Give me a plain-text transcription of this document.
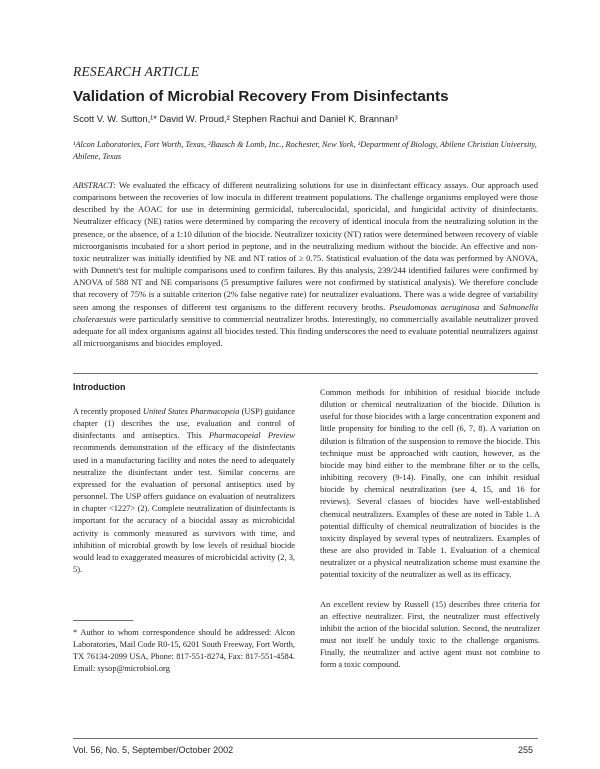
RESEARCH ARTICLE
Validation of Microbial Recovery From Disinfectants
Scott V. W. Sutton,¹* David W. Proud,² Stephen Rachui and Daniel K. Brannan³
¹Alcon Laboratories, Fort Worth, Texas, ²Bausch & Lomb, Inc., Rochester, New York, ³Department of Biology, Abilene Christian University, Abilene, Texas
ABSTRACT: We evaluated the efficacy of different neutralizing solutions for use in disinfectant efficacy assays. Our approach used comparisons between the recoveries of low inocula in different treatment populations. The challenge organisms employed were those described by the AOAC for use in determining germicidal, tuberculocidal, sporicidal, and fungicidal activity of disinfectants. Neutralizer efficacy (NE) ratios were determined by comparing the recovery of identical inocula from the neutralizing solution in the presence, or the absence, of a 1:10 dilution of the biocide. Neutralizer toxicity (NT) ratios were determined between recovery of viable microorganisms incubated for a short period in peptone, and in the neutralizing medium without the biocide. An effective and non-toxic neutralizer was initially identified by NE and NT ratios of ≥ 0.75. Statistical evaluation of the data was performed by ANOVA, with Dunnett's test for multiple comparisons used to confirm failures. By this analysis, 239/244 identified failures were confirmed by ANOVA of 588 NT and NE comparisons (5 presumptive failures were not confirmed by statistical analysis). We therefore conclude that recovery of 75% is a suitable criterion (2% false negative rate) for neutralizer evaluations. There was a wide degree of variability seen among the responses of different test organisms to the different recovery broths. Pseudomonas aeruginosa and Salmonella choleraesuis were particularly sensitive to commercial neutralizer broths. Interestingly, no commercially available neutralizer proved adequate for all index organisms against all biocides tested. This finding underscores the need to evaluate potential neutralizers against all microorganisms and biocides employed.
Introduction

A recently proposed United States Pharmacopeia (USP) guidance chapter (1) describes the use, evaluation and control of disinfectants and antiseptics. This Pharmacopeial Preview recommends demonstration of the efficacy of the disinfectants used in a manufacturing facility and notes the need to adequately neutralize the disinfectant under test. Similar concerns are expressed for the evaluation of personal antiseptics used by personnel. The USP offers guidance on evaluation of neutralizers in chapter <1227> (2). Complete neutralization of disinfectants is important for the accuracy of a biocidal assay as microbicidal activity is commonly measured as survivors with time, and inhibition of microbial growth by low levels of residual biocide would lead to exaggerated measures of microbicidal activity (2, 3, 5).

* Author to whom correspondence should be addressed: Alcon Laboratories, Mail Code R0-15, 6201 South Freeway, Fort Worth, TX 76134-2099 USA, Phone: 817-551-8274, Fax: 817-551-4584. Email: sysop@microbiol.org

Common methods for inhibition of residual biocide include dilution or chemical neutralization of the biocide. Dilution is useful for those biocides with a large concentration exponent and little propensity for binding to the cell (6, 7, 8). A variation on dilution is filtration of the suspension to remove the biocide. This technique must be approached with caution, however, as the biocide may bind either to the membrane filter or to the cells, inhibiting recovery (9-14). Finally, one can inhibit residual biocide by chemical neutralization (see 4, 15, and 16 for reviews). Several classes of biocides have well-established chemical neutralizers. Examples of these are noted in Table 1. A potential difficulty of chemical neutralization of biocides is the toxicity displayed by several types of neutralizers. Examples of these are also provided in Table 1. Evaluation of a chemical neutralizer or a physical neutralization scheme must examine the potential toxicity of the neutralizer as well as its efficacy.

An excellent review by Russell (15) describes three criteria for an effective neutralizer. First, the neutralizer must effectively inhibit the action of the biocidal solution. Second, the neutralizer must not itself be unduly toxic to the challenge organisms. Finally, the neutralizer and active agent must not combine to form a toxic compound.

Vol. 56, No. 5, September/October 2002	255
